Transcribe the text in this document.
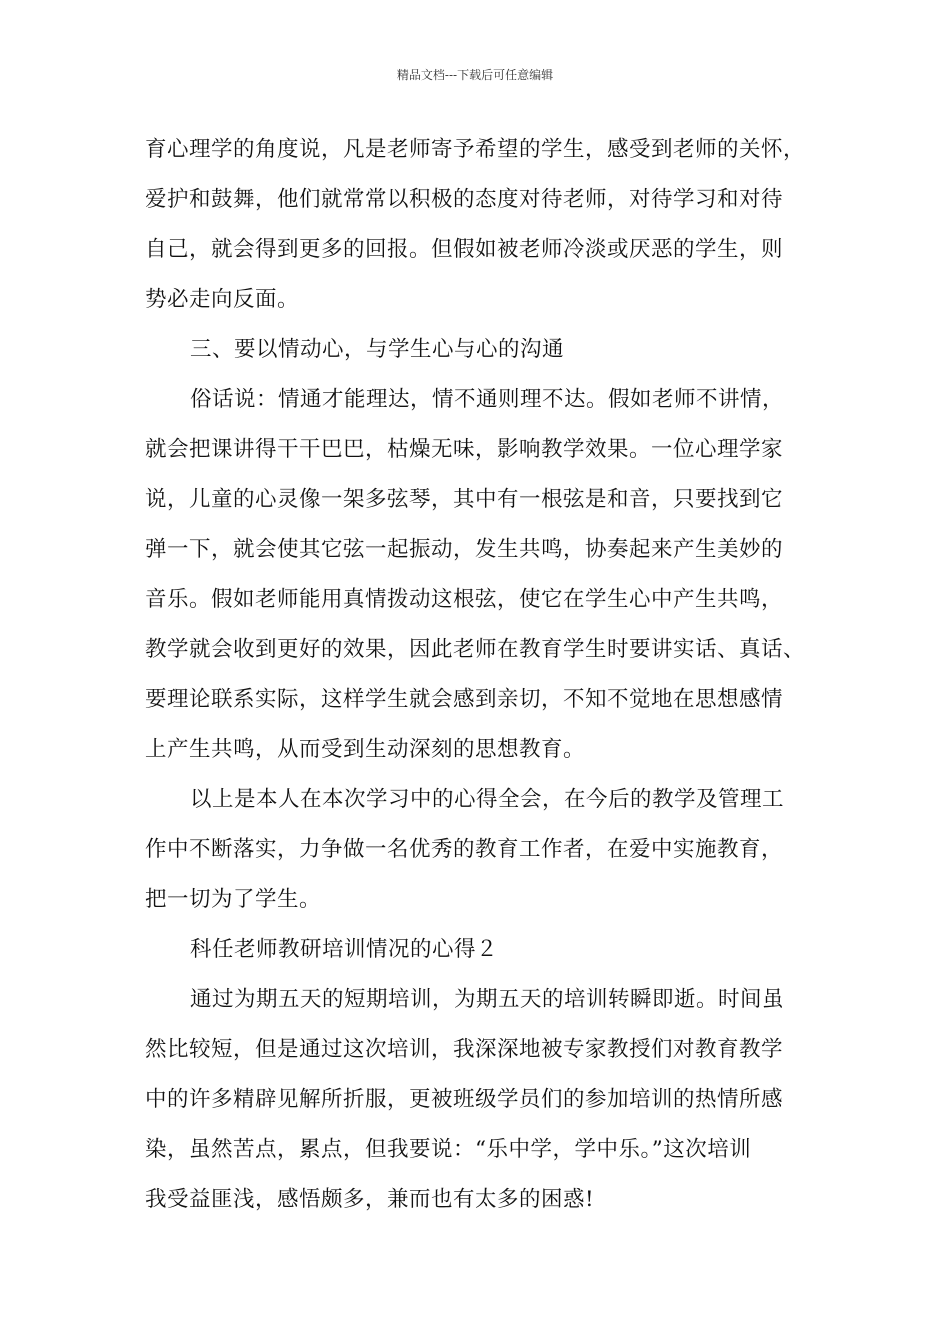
精品文档---下载后可任意编辑
育心理学的角度说，凡是老师寄予希望的学生，感受到老师的关怀，
爱护和鼓舞，他们就常常以积极的态度对待老师，对待学习和对待
自己，就会得到更多的回报。但假如被老师冷淡或厌恶的学生，则
势必走向反面。
三、要以情动心，与学生心与心的沟通
俗话说：情通才能理达，情不通则理不达。假如老师不讲情，
就会把课讲得干干巴巴，枯燥无味，影响教学效果。一位心理学家
说，儿童的心灵像一架多弦琴，其中有一根弦是和音，只要找到它
弹一下，就会使其它弦一起振动，发生共鸣，协奏起来产生美妙的
音乐。假如老师能用真情拨动这根弦，使它在学生心中产生共鸣，
教学就会收到更好的效果，因此老师在教育学生时要讲实话、真话、
要理论联系实际，这样学生就会感到亲切，不知不觉地在思想感情
上产生共鸣，从而受到生动深刻的思想教育。
以上是本人在本次学习中的心得全会，在今后的教学及管理工
作中不断落实，力争做一名优秀的教育工作者，在爱中实施教育，
把一切为了学生。
科任老师教研培训情况的心得２
通过为期五天的短期培训，为期五天的培训转瞬即逝。时间虽
然比较短，但是通过这次培训，我深深地被专家教授们对教育教学
中的许多精辟见解所折服，更被班级学员们的参加培训的热情所感
染，虽然苦点，累点，但我要说：“乐中学，学中乐。”这次培训
我受益匪浅，感悟颇多，兼而也有太多的困惑!
